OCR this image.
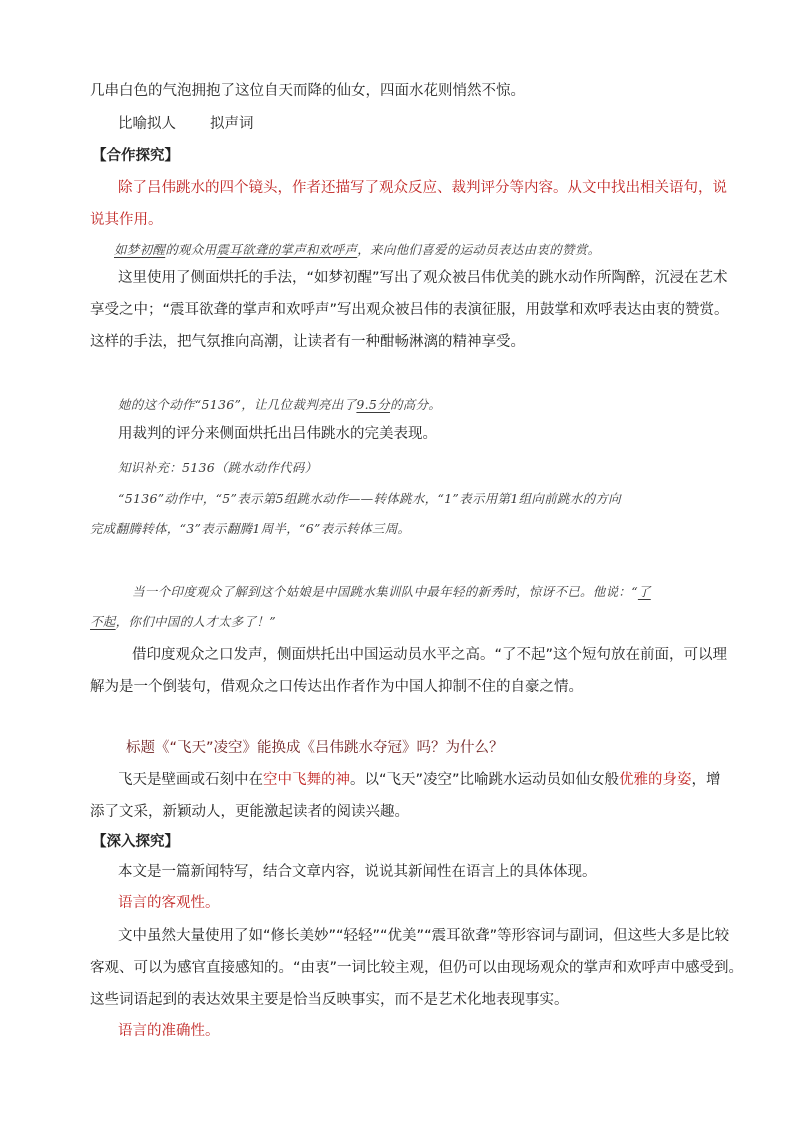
几串白色的气泡拥抱了这位自天而降的仙女，四面水花则悄然不惊。
比喻拟人 拟声词
【合作探究】
除了吕伟跳水的四个镜头，作者还描写了观众反应、裁判评分等内容。从文中找出相关语句，说
说其作用。
如梦初醒的观众用震耳欲聋的掌声和欢呼声，来向他们喜爱的运动员表达由衷的赞赏。
这里使用了侧面烘托的手法，“如梦初醒”写出了观众被吕伟优美的跳水动作所陶醉，沉浸在艺术
享受之中；“震耳欲聋的掌声和欢呼声”写出观众被吕伟的表演征服，用鼓掌和欢呼表达由衷的赞赏。
这样的手法，把气氛推向高潮，让读者有一种酣畅淋漓的精神享受。
她的这个动作“5136”，让几位裁判亮出了9.5分的高分。
用裁判的评分来侧面烘托出吕伟跳水的完美表现。
知识补充：5136（跳水动作代码）
“5136”动作中，“5”表示第5组跳水动作——转体跳水，“1”表示用第1组向前跳水的方向
完成翻腾转体，“3”表示翻腾1周半，“6”表示转体三周。
当一个印度观众了解到这个姑娘是中国跳水集训队中最年轻的新秀时，惊讶不已。他说：“了
不起，你们中国的人才太多了！”
借印度观众之口发声，侧面烘托出中国运动员水平之高。“了不起”这个短句放在前面，可以理
解为是一个倒装句，借观众之口传达出作者作为中国人抑制不住的自豪之情。
标题《“飞天”凌空》能换成《吕伟跳水夺冠》吗？为什么？
飞天是壁画或石刻中在空中飞舞的神。以“飞天”凌空”比喻跳水运动员如仙女般优雅的身姿，增
添了文采，新颖动人，更能激起读者的阅读兴趣。
【深入探究】
本文是一篇新闻特写，结合文章内容，说说其新闻性在语言上的具体体现。
语言的客观性。
文中虽然大量使用了如“修长美妙”“轻轻”“优美”“震耳欲聋”等形容词与副词，但这些大多是比较
客观、可以为感官直接感知的。“由衷”一词比较主观，但仍可以由现场观众的掌声和欢呼声中感受到。
这些词语起到的表达效果主要是恰当反映事实，而不是艺术化地表现事实。
语言的准确性。
